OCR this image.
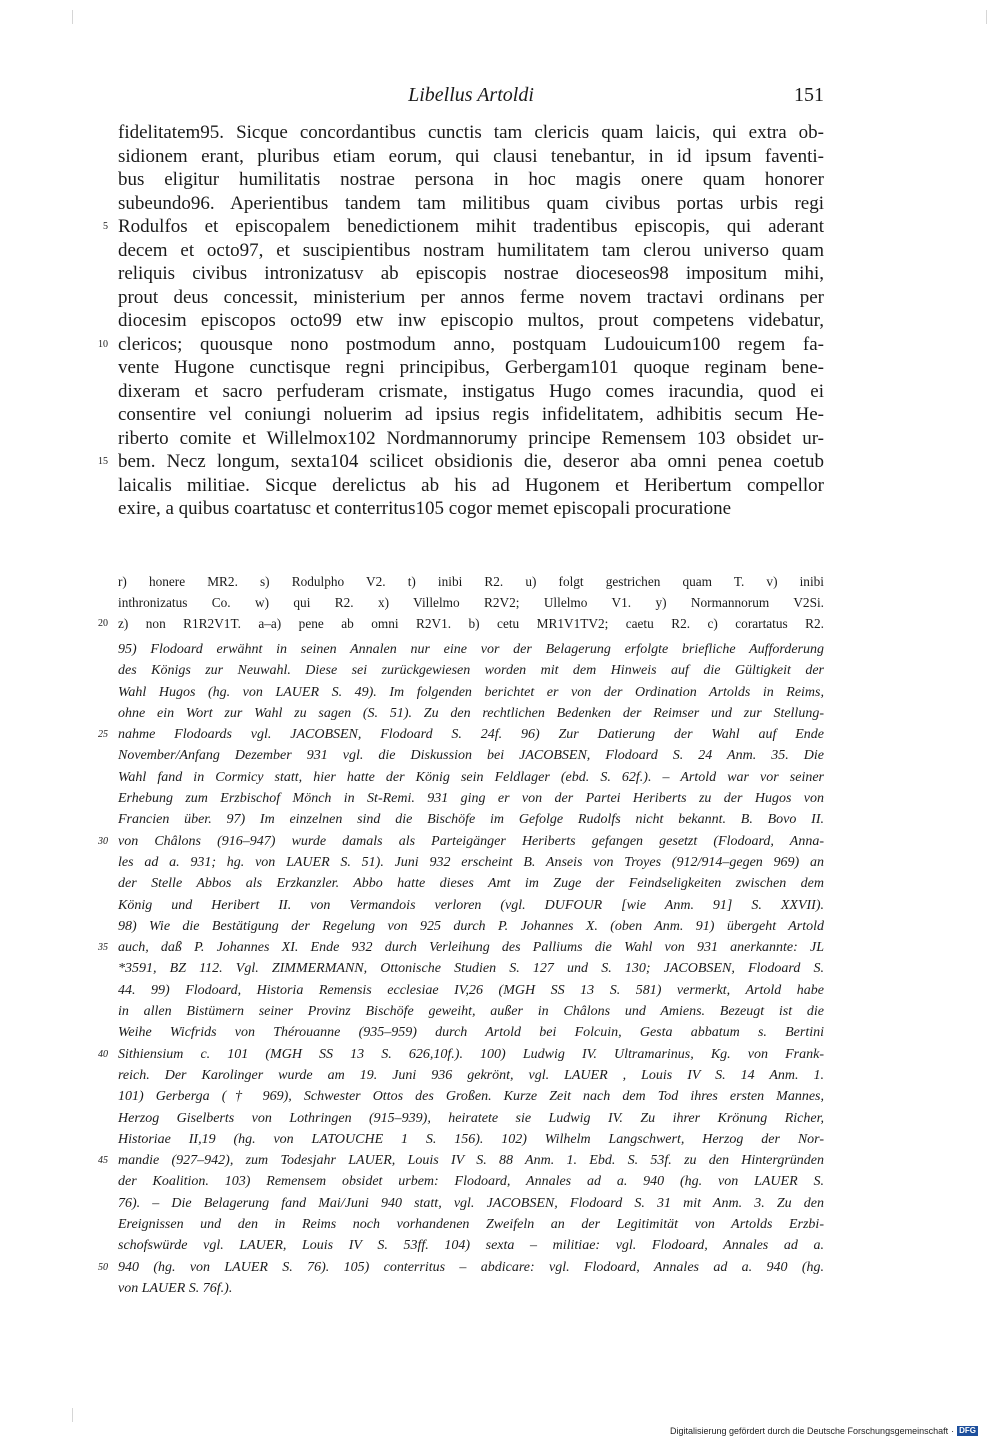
Libellus Artoldi	151
fidelitatem95. Sicque concordantibus cunctis tam clericis quam laicis, qui extra ob-
sidionem erant, pluribus etiam eorum, qui clausi tenebantur, in id ipsum faventi-
bus eligitur humilitatis nostrae persona in hoc magis onere quam honorer
subeundo96. Aperientibus tandem tam militibus quam civibus portas urbis regi
5 Rodulfos et episcopalem benedictionem mihit tradentibus episcopis, qui aderant
decem et octo97, et suscipientibus nostram humilitatem tam clerou universo quam
reliquis civibus intronizatusv ab episcopis nostrae dioceseos98 impositum mihi,
prout deus concessit, ministerium per annos ferme novem tractavi ordinans per
diocesim episcopos octo99 etw inw episcopio multos, prout competens videbatur,
10 clericos; quousque nono postmodum anno, postquam Ludouicum100 regem fa-
vente Hugone cunctisque regni principibus, Gerbergam101 quoque reginam bene-
dixeram et sacro perfuderam crismate, instigatus Hugo comes iracundia, quod ei
consentire vel coniungi noluerim ad ipsius regis infidelitatem, adhibitis secum He-
riberto comite et Willelmox102 Nordmannorumy principe Remensem 103 obsidet ur-
15 bem. Necz longum, sexta104 scilicet obsidionis die, deseror aba omni penea coetub
laicalis militiae. Sicque derelictus ab his ad Hugonem et Heribertum compellor
exire, a quibus coartatusc et conterritus105 cogor memet episcopali procuratione
r) honere MR2. s) Rodulpho V2. t) inibi R2. u) folgt gestrichen quam T. v) inibi
inthronizatus Co. w) qui R2. x) Villelmo R2V2; Ullelmo V1. y) Normannorum V2Si.
20 z) non R1R2V1T. a–a) pene ab omni R2V1. b) cetu MR1V1TV2; caetu R2. c) corartatus R2.
95) Flodoard erwähnt in seinen Annalen nur eine vor der Belagerung erfolgte briefliche Aufforderung
des Königs zur Neuwahl. Diese sei zurückgewiesen worden mit dem Hinweis auf die Gültigkeit der
Wahl Hugos (hg. von LAUER S. 49). Im folgenden berichtet er von der Ordination Artolds in Reims,
ohne ein Wort zur Wahl zu sagen (S. 51). Zu den rechtlichen Bedenken der Reimser und zur Stellung-
25 nahme Flodoards vgl. JACOBSEN, Flodoard S. 24f. 96) Zur Datierung der Wahl auf Ende
November/Anfang Dezember 931 vgl. die Diskussion bei JACOBSEN, Flodoard S. 24 Anm. 35. Die
Wahl fand in Cormicy statt, hier hatte der König sein Feldlager (ebd. S. 62f.). – Artold war vor seiner
Erhebung zum Erzbischof Mönch in St-Remi. 931 ging er von der Partei Heriberts zu der Hugos von
Francien über. 97) Im einzelnen sind die Bischöfe im Gefolge Rudolfs nicht bekannt. B. Bovo II.
30 von Châlons (916–947) wurde damals als Parteigänger Heriberts gefangen gesetzt (Flodoard, Anna-
les ad a. 931; hg. von LAUER S. 51). Juni 932 erscheint B. Anseis von Troyes (912/914–gegen 969) an
der Stelle Abbos als Erzkanzler. Abbo hatte dieses Amt im Zuge der Feindseligkeiten zwischen dem
König und Heribert II. von Vermandois verloren (vgl. DUFOUR [wie Anm. 91] S. XXVII).
98) Wie die Bestätigung der Regelung von 925 durch P. Johannes X. (oben Anm. 91) übergeht Artold
35 auch, daß P. Johannes XI. Ende 932 durch Verleihung des Palliums die Wahl von 931 anerkannte: JL
*3591, BZ 112. Vgl. ZIMMERMANN, Ottonische Studien S. 127 und S. 130; JACOBSEN, Flodoard S.
44. 99) Flodoard, Historia Remensis ecclesiae IV,26 (MGH SS 13 S. 581) vermerkt, Artold habe
in allen Bistümern seiner Provinz Bischöfe geweiht, außer in Châlons und Amiens. Bezeugt ist die
Weihe Wicfrids von Thérouanne (935–959) durch Artold bei Folcuin, Gesta abbatum s. Bertini
40 Sithiensium c. 101 (MGH SS 13 S. 626,10f.). 100) Ludwig IV. Ultramarinus, Kg. von Frank-
reich. Der Karolinger wurde am 19. Juni 936 gekrönt, vgl. LAUER , Louis IV S. 14 Anm. 1.
101) Gerberga († 969), Schwester Ottos des Großen. Kurze Zeit nach dem Tod ihres ersten Mannes,
Herzog Giselberts von Lothringen (915–939), heiratete sie Ludwig IV. Zu ihrer Krönung Richer,
Historiae II,19 (hg. von LATOUCHE 1 S. 156). 102) Wilhelm Langschwert, Herzog der Nor-
45 mandie (927–942), zum Todesjahr LAUER, Louis IV S. 88 Anm. 1. Ebd. S. 53f. zu den Hintergründen
der Koalition. 103) Remensem obsidet urbem: Flodoard, Annales ad a. 940 (hg. von LAUER S.
76). – Die Belagerung fand Mai/Juni 940 statt, vgl. JACOBSEN, Flodoard S. 31 mit Anm. 3. Zu den
Ereignissen und den in Reims noch vorhandenen Zweifeln an der Legitimität von Artolds Erzbi-
schofswürde vgl. LAUER, Louis IV S. 53ff. 104) sexta – militiae: vgl. Flodoard, Annales ad a.
50 940 (hg. von LAUER S. 76). 105) conterritus – abdicare: vgl. Flodoard, Annales ad a. 940 (hg.
von LAUER S. 76f.).
Digitalisierung gefördert durch die Deutsche Forschungsgemeinschaft · DFG
